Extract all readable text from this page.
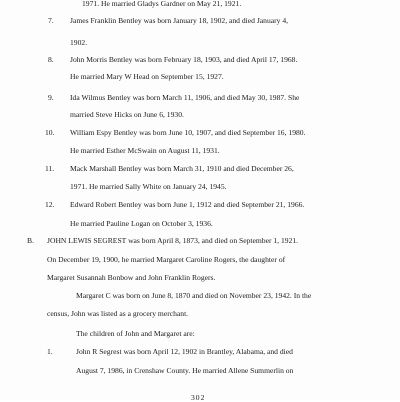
1971. He married Gladys Gardner on May 21, 1921.
7. James Franklin Bentley was born January 18, 1902, and died January 4,
1902.
8. John Morris Bentley was born February 18, 1903, and died April 17, 1968.
He married Mary W Head on September 15, 1927.
9. Ida Wilmus Bentley was born March 11, 1906, and died May 30, 1987. She
married Steve Hicks on June 6, 1930.
10. William Espy Bentley was born June 10, 1907, and died September 16, 1980.
He married Esther McSwain on August 11, 1931.
11. Mack Marshall Bentley was born March 31, 1910 and died December 26,
1971. He married Sally White on January 24, 1945.
12. Edward Robert Bentley was born June 1, 1912 and died September 21, 1966.
He married Pauline Logan on October 3, 1936.
B. JOHN LEWIS SEGREST was born April 8, 1873, and died on September 1, 1921.
On December 19, 1900, he married Margaret Caroline Rogers, the daughter of
Margaret Susannah Bonbow and John Franklin Rogers.
Margaret C was born on June 8, 1870 and died on November 23, 1942. In the
census, John was listed as a grocery merchant.
The children of John and Margaret are:
1.	John R Segrest was born April 12, 1902 in Brantley, Alabama, and died
August 7, 1986, in Crenshaw County. He married Allene Summerlin on
302
